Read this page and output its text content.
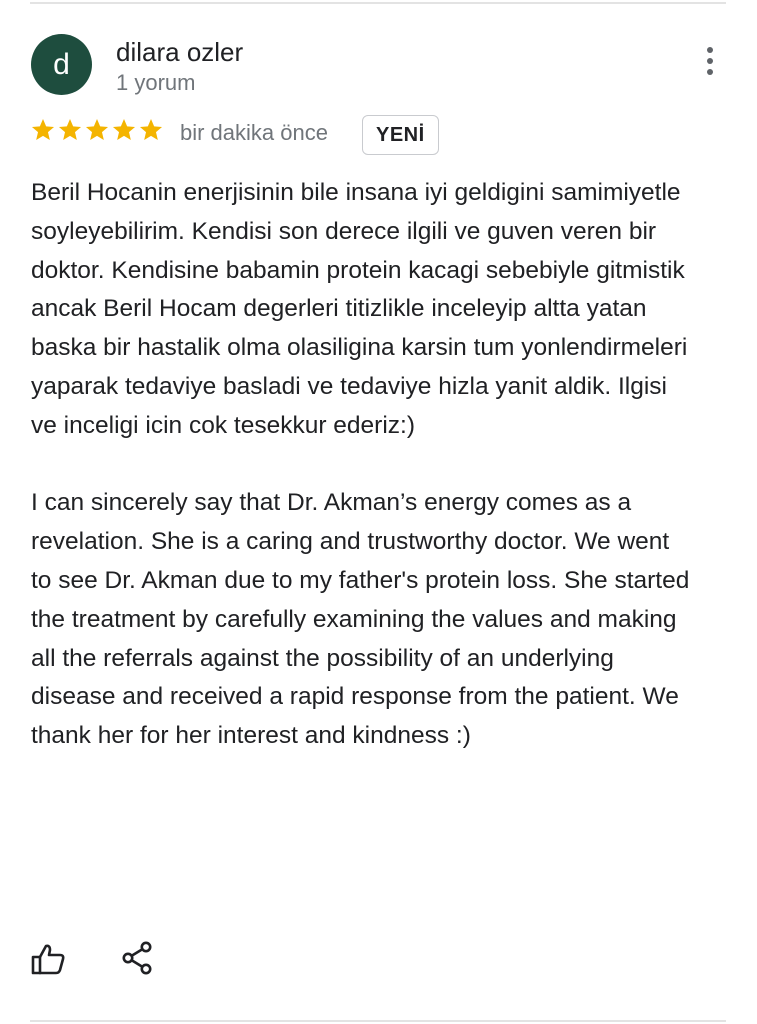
d	dilara ozler
1 yorum
bir dakika önce	YENİ

Beril Hocanin enerjisinin bile insana iyi geldigini samimiyetle soyleyebilirim. Kendisi son derece ilgili ve guven veren bir doktor. Kendisine babamin protein kacagi sebebiyle gitmistik ancak Beril Hocam degerleri titizlikle inceleyip altta yatan baska bir hastalik olma olasiligina karsin tum yonlendirmeleri yaparak tedaviye basladi ve tedaviye hizla yanit aldik. Ilgisi ve inceligi icin cok tesekkur ederiz:)

I can sincerely say that Dr. Akman’s energy comes as a revelation. She is a caring and trustworthy doctor. We went to see Dr. Akman due to my father's protein loss. She started the treatment by carefully examining the values and making all the referrals against the possibility of an underlying disease and received a rapid response from the patient. We thank her for her interest and kindness :)
